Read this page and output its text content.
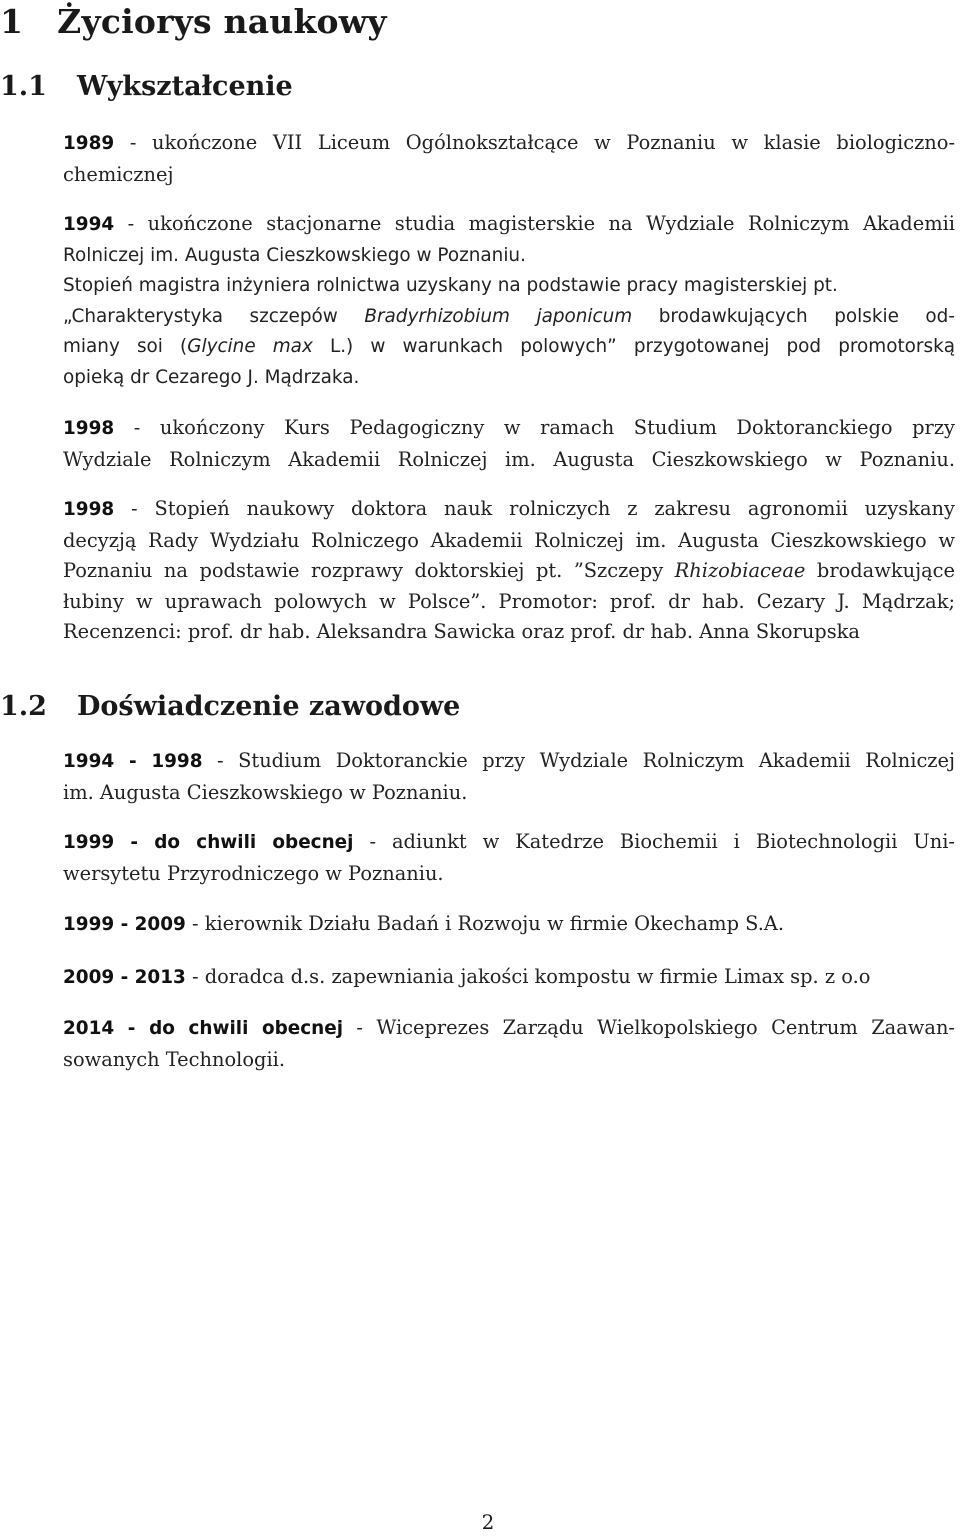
1 Życiorys naukowy
1.1 Wykształcenie

1989 - ukończone VII Liceum Ogólnokształcące w Poznaniu w klasie biologiczno-
chemicznej

1994 - ukończone stacjonarne studia magisterskie na Wydziale Rolniczym Akademii
Rolniczej im. Augusta Cieszkowskiego w Poznaniu.
Stopień magistra inżyniera rolnictwa uzyskany na podstawie pracy magisterskiej pt.
„Charakterystyka szczepów Bradyrhizobium japonicum brodawkujących polskie od-
miany soi (Glycine max L.) w warunkach polowych” przygotowanej pod promotorską
opieką dr Cezarego J. Mądrzaka.

1998 - ukończony Kurs Pedagogiczny w ramach Studium Doktoranckiego przy
Wydziale Rolniczym Akademii Rolniczej im. Augusta Cieszkowskiego w Poznaniu.

1998 - Stopień naukowy doktora nauk rolniczych z zakresu agronomii uzyskany
decyzją Rady Wydziału Rolniczego Akademii Rolniczej im. Augusta Cieszkowskiego w
Poznaniu na podstawie rozprawy doktorskiej pt. ”Szczepy Rhizobiaceae brodawkujące
łubiny w uprawach polowych w Polsce”. Promotor: prof. dr hab. Cezary J. Mądrzak;
Recenzenci: prof. dr hab. Aleksandra Sawicka oraz prof. dr hab. Anna Skorupska

1.2 Doświadczenie zawodowe

1994 - 1998 - Studium Doktoranckie przy Wydziale Rolniczym Akademii Rolniczej
im. Augusta Cieszkowskiego w Poznaniu.

1999 - do chwili obecnej - adiunkt w Katedrze Biochemii i Biotechnologii Uni-
wersytetu Przyrodniczego w Poznaniu.

1999 - 2009 - kierownik Działu Badań i Rozwoju w firmie Okechamp S.A.

2009 - 2013 - doradca d.s. zapewniania jakości kompostu w firmie Limax sp. z o.o

2014 - do chwili obecnej - Wiceprezes Zarządu Wielkopolskiego Centrum Zaawan-
sowanych Technologii.

2
